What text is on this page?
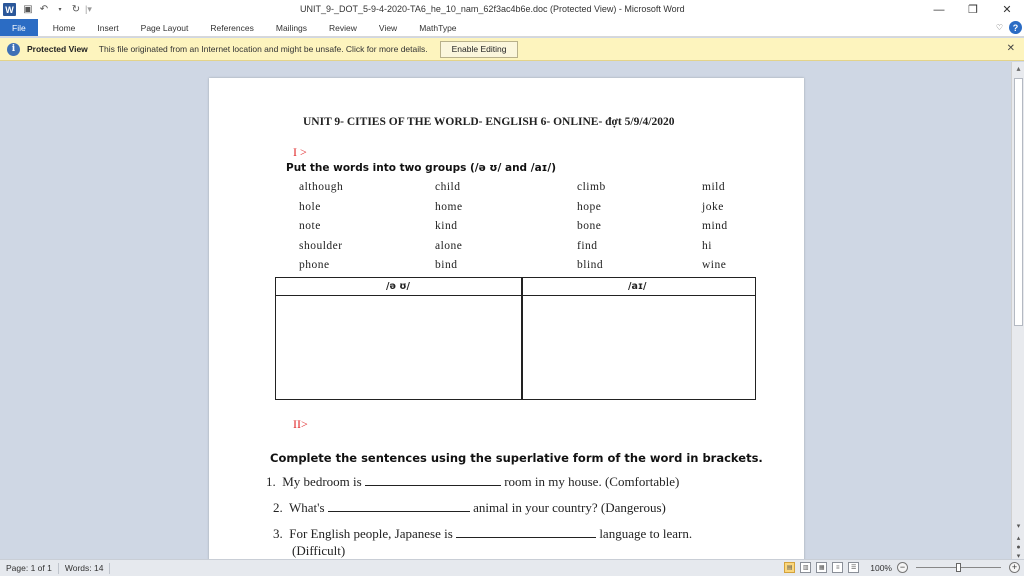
W ▣ ↶	▾	↻ |▾	UNIT_9-_DOT_5-9-4-2020-TA6_he_10_nam_62f3ac4b6e.doc (Protected View) - Microsoft Word	—	❐	✕
File	Home	Insert	Page Layout	References	Mailings	Review	View	MathType	♡	?
i	Protected View This file originated from an Internet location and might be unsafe. Click for more details.	Enable Editing	✕
UNIT 9- CITIES OF THE WORLD- ENGLISH 6- ONLINE- đợt 5/9/4/2020
I >
Put the words into two groups (/ə ʊ/ and /aɪ/)
although	child	climb	mild
hole	home	hope	joke
note	kind	bone	mind
shoulder	alone	find	hi
phone	bind	blind	wine
/ə ʊ/	/aɪ/
II>
Complete the sentences using the superlative form of the word in brackets.
1. My bedroom is	room in my house. (Comfortable)
2. What's	animal in your country? (Dangerous)
3. For English people, Japanese is	language to learn.
(Difficult)
▴
▾
▴
●
▾
Page: 1 of 1	Words: 14	▤	▥	▦	≡	☰	100% −	+
